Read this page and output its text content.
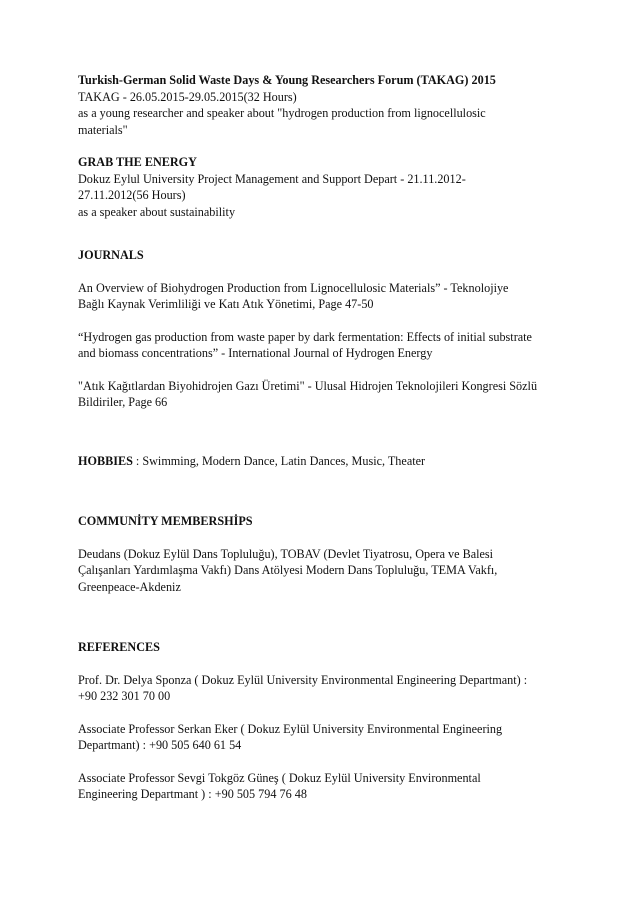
Turkish-German Solid Waste Days & Young Researchers Forum (TAKAG) 2015

TAKAG - 26.05.2015-29.05.2015(32 Hours)

as a young researcher and speaker about "hydrogen production from lignocellulosic
materials"

GRAB THE ENERGY

Dokuz Eylul University Project Management and Support Depart - 21.11.2012-
27.11.2012(56 Hours)

as a speaker about sustainability

JOURNALS

An Overview of Biohydrogen Production from Lignocellulosic Materials” - Teknolojiye
Bağlı Kaynak Verimliliği ve Katı Atık Yönetimi, Page 47-50

“Hydrogen gas production from waste paper by dark fermentation: Effects of initial substrate
and biomass concentrations” - International Journal of Hydrogen Energy

"Atık Kağıtlardan Biyohidrojen Gazı Üretimi" - Ulusal Hidrojen Teknolojileri Kongresi Sözlü
Bildiriler, Page 66

HOBBIES : Swimming, Modern Dance, Latin Dances, Music, Theater

COMMUNİTY MEMBERSHİPS

Deudans (Dokuz Eylül Dans Topluluğu), TOBAV (Devlet Tiyatrosu, Opera ve Balesi
Çalışanları Yardımlaşma Vakfı) Dans Atölyesi Modern Dans Topluluğu, TEMA Vakfı,
Greenpeace-Akdeniz

REFERENCES

Prof. Dr. Delya Sponza ( Dokuz Eylül University Environmental Engineering Departmant) :
+90 232 301 70 00

Associate Professor Serkan Eker ( Dokuz Eylül University Environmental Engineering
Departmant) : +90 505 640 61 54

Associate Professor Sevgi Tokgöz Güneş ( Dokuz Eylül University Environmental
Engineering Departmant ) : +90 505 794 76 48
